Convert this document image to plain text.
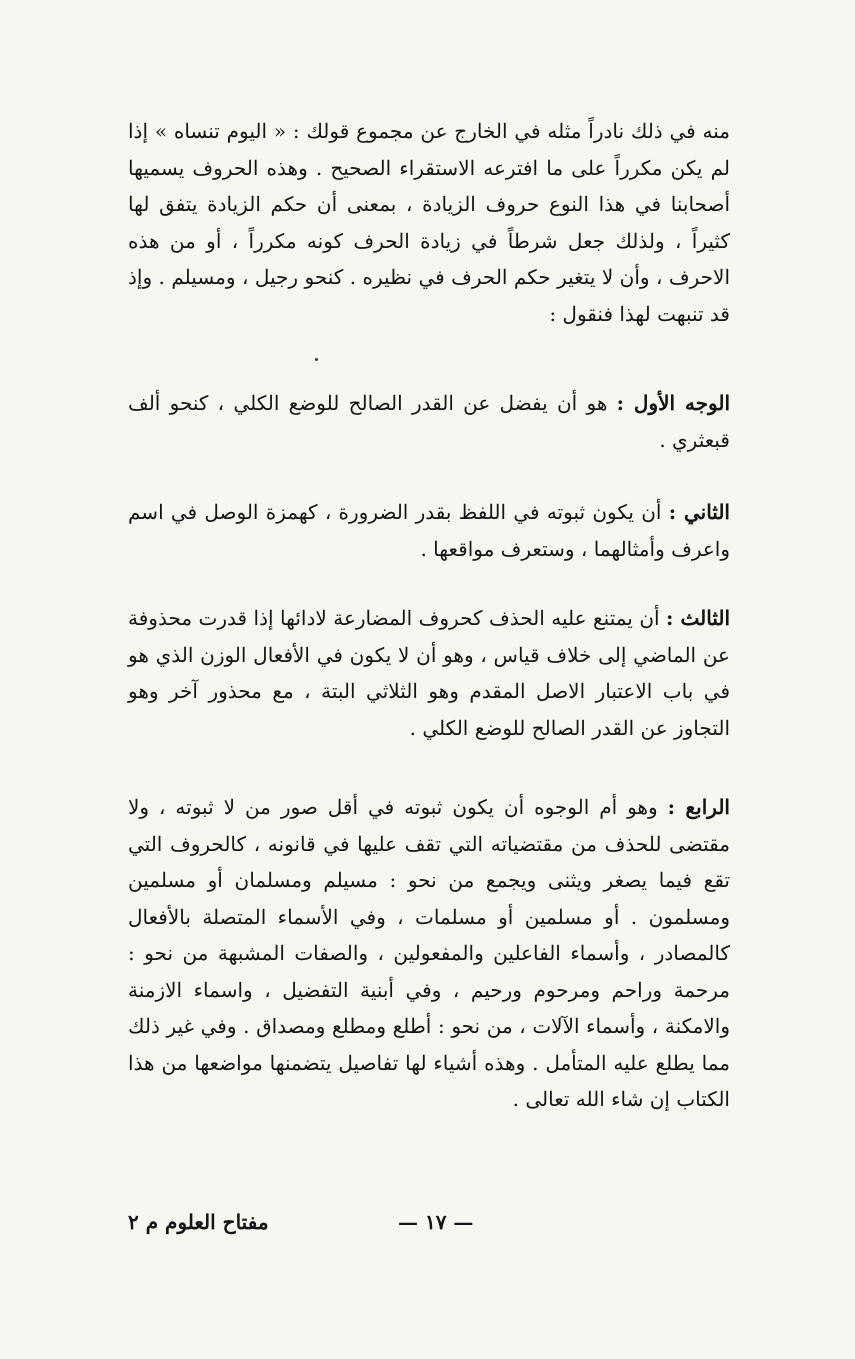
منه في ذلك نادراً مثله في الخارج عن مجموع قولك : « اليوم تنساه » إذا لم يكن مكرراً على ما افترعه الاستقراء الصحيح . وهذه الحروف يسميها أصحابنا في هذا النوع حروف الزيادة ، بمعنى أن حكم الزيادة يتفق لها كثيراً ، ولذلك جعل شرطاً في زيادة الحرف كونه مكرراً ، أو من هذه الاحرف ، وأن لا يتغير حكم الحرف في نظيره . كنحو رجيل ، ومسيلم . وإذ قد تنبهت لهذا فنقول :
الوجه الأول : هو أن يفضل عن القدر الصالح للوضع الكلي ، كنحو ألف قبعثري .
الثاني : أن يكون ثبوته في اللفظ بقدر الضرورة ، كهمزة الوصل في اسم واعرف وأمثالهما ، وستعرف مواقعها .
الثالث : أن يمتنع عليه الحذف كحروف المضارعة لادائها إذا قدرت محذوفة عن الماضي إلى خلاف قياس ، وهو أن لا يكون في الأفعال الوزن الذي هو في باب الاعتبار الاصل المقدم وهو الثلاثي البتة ، مع محذور آخر وهو التجاوز عن القدر الصالح للوضع الكلي .
الرابع : وهو أم الوجوه أن يكون ثبوته في أقل صور من لا ثبوته ، ولا مقتضى للحذف من مقتضياته التي تقف عليها في قانونه ، كالحروف التي تقع فيما يصغر ويثنى ويجمع من نحو : مسيلم ومسلمان أو مسلمين ومسلمون . أو مسلمين أو مسلمات ، وفي الأسماء المتصلة بالأفعال كالمصادر ، وأسماء الفاعلين والمفعولين ، والصفات المشبهة من نحو : مرحمة وراحم ومرحوم ورحيم ، وفي أبنية التفضيل ، واسماء الازمنة والامكنة ، وأسماء الآلات ، من نحو : أطلع ومطلع ومصداق . وفي غير ذلك مما يطلع عليه المتأمل . وهذه أشياء لها تفاصيل يتضمنها مواضعها من هذا الكتاب إن شاء الله تعالى .
— ١٧ —
مفتاح العلوم م ٢
